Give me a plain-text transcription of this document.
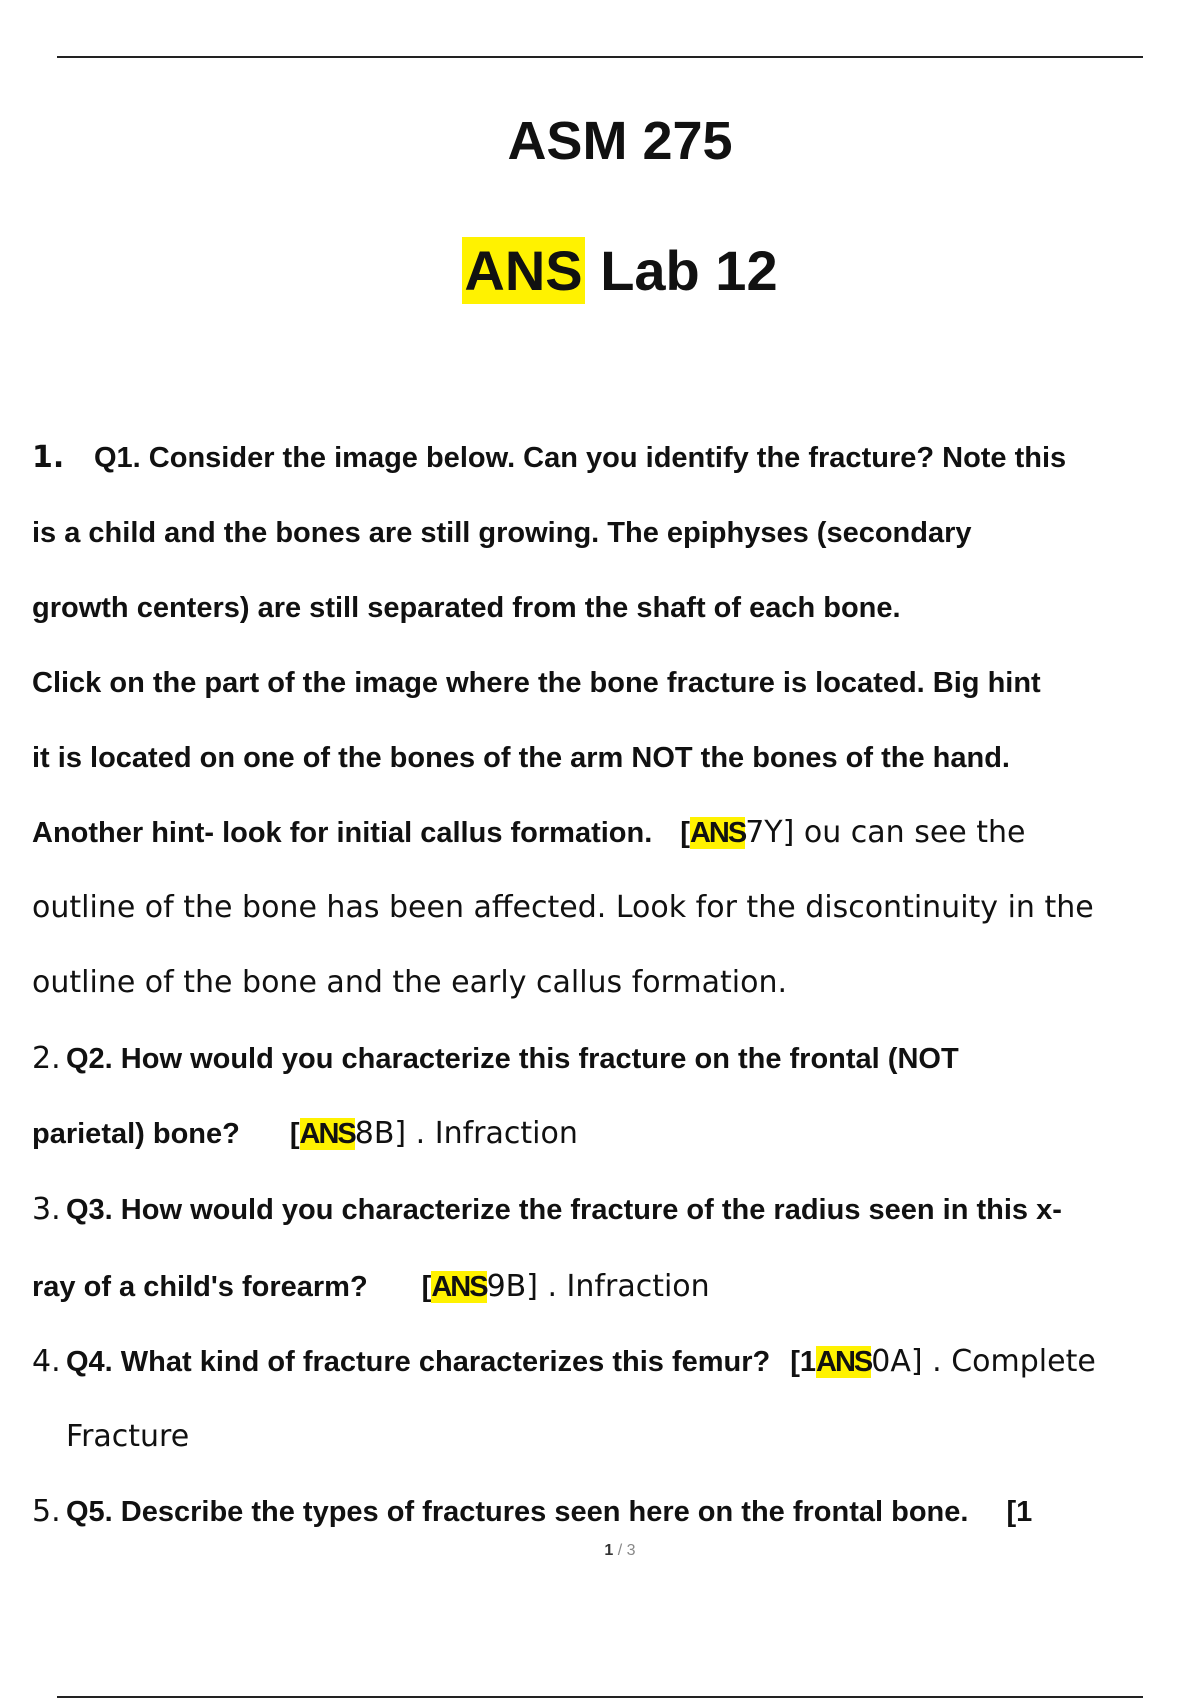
ASM 275
ANS Lab 12
1. Q1. Consider the image below. Can you identify the fracture? Note this
is a child and the bones are still growing. The epiphyses (secondary
growth centers) are still separated from the shaft of each bone.
Click on the part of the image where the bone fracture is located. Big hint
it is located on one of the bones of the arm NOT the bones of the hand.
Another hint- look for initial callus formation. [ANS7Y] ou can see the
outline of the bone has been affected. Look for the discontinuity in the
outline of the bone and the early callus formation.
2. Q2. How would you characterize this fracture on the frontal (NOT
parietal) bone? [ANS8B] . Infraction
3. Q3. How would you characterize the fracture of the radius seen in this x-
ray of a child's forearm? [ANS9B] . Infraction
4. Q4. What kind of fracture characterizes this femur? [1ANS0A] . Complete
Fracture
5. Q5. Describe the types of fractures seen here on the frontal bone. [1
1 / 3
